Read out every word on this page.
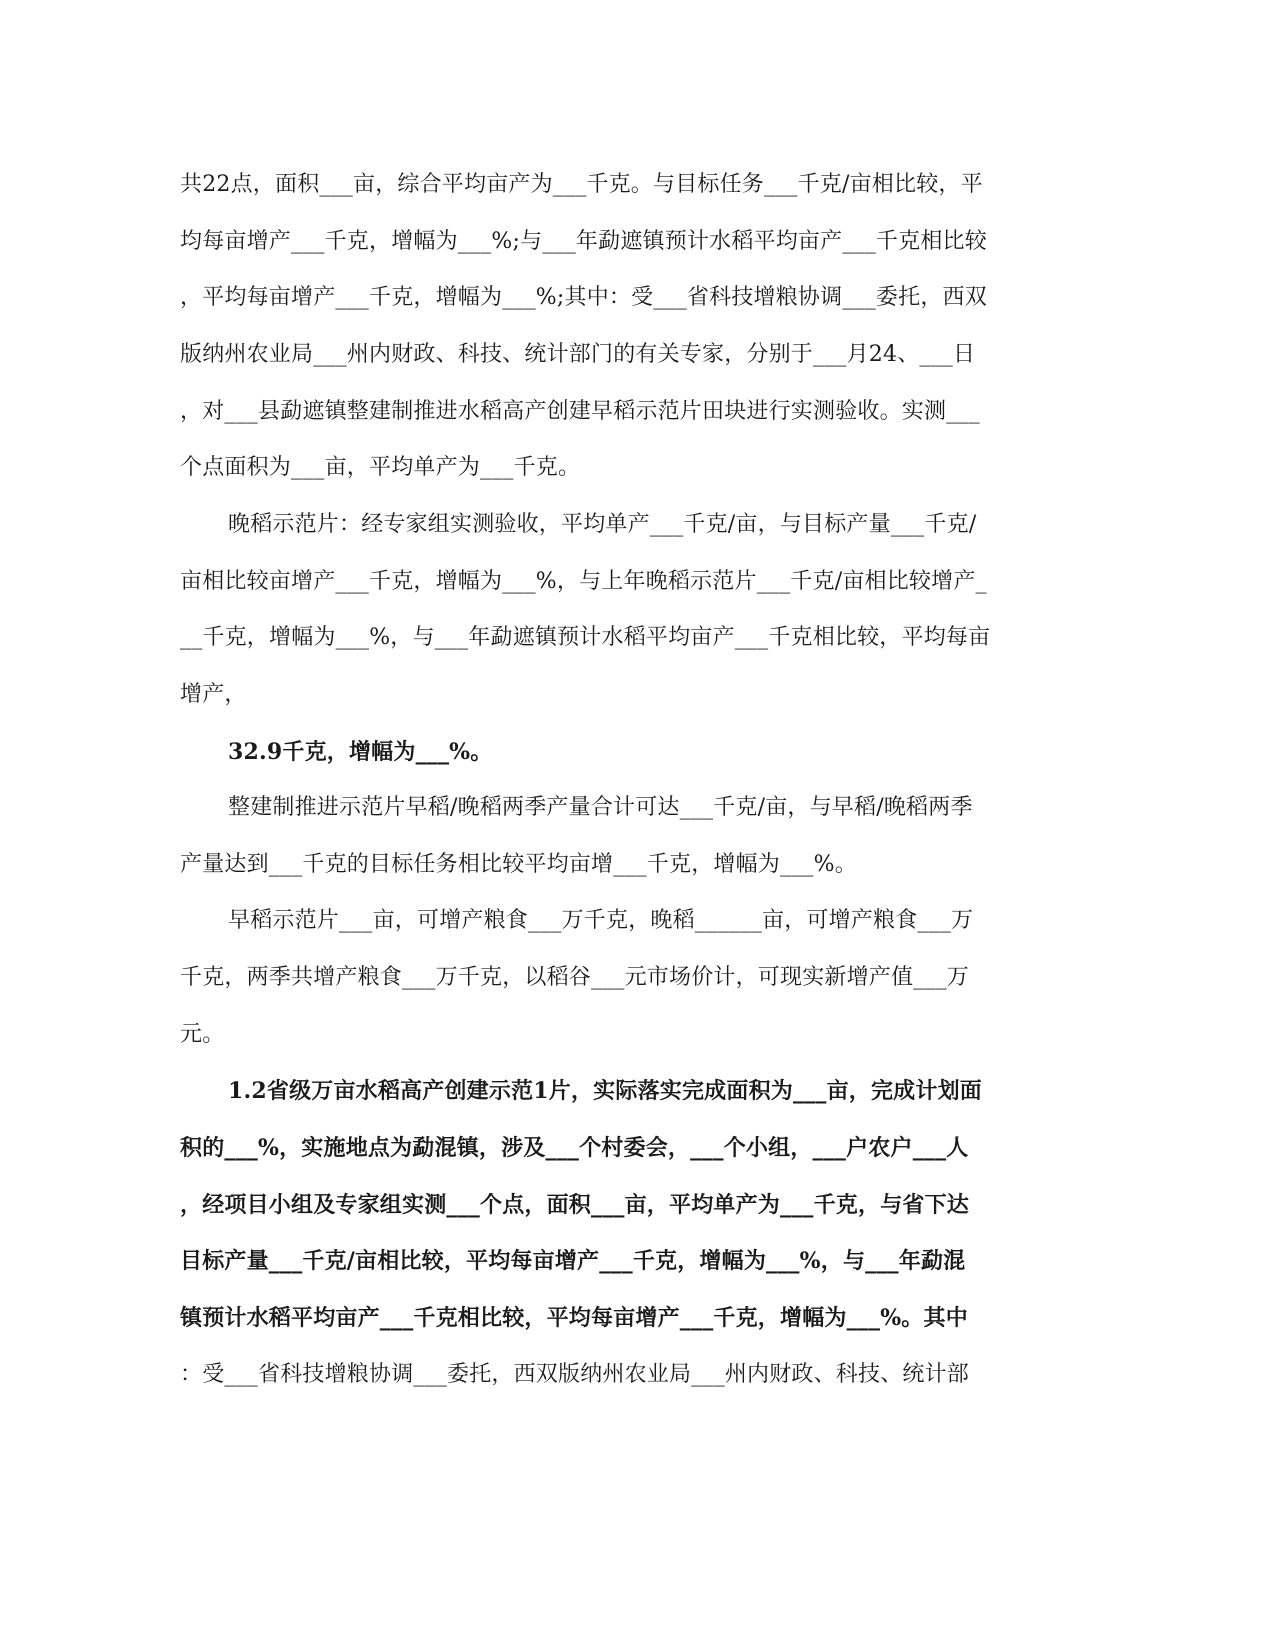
共22点，面积___亩，综合平均亩产为___千克。与目标任务___千克/亩相比较，平
均每亩增产___千克，增幅为___%;与___年勐遮镇预计水稻平均亩产___千克相比较
，平均每亩增产___千克，增幅为___%;其中：受___省科技增粮协调___委托，西双
版纳州农业局___州内财政、科技、统计部门的有关专家，分别于___月24、___日
，对___县勐遮镇整建制推进水稻高产创建早稻示范片田块进行实测验收。实测___
个点面积为___亩，平均单产为___千克。
晚稻示范片：经专家组实测验收，平均单产___千克/亩，与目标产量___千克/
亩相比较亩增产___千克，增幅为___%，与上年晚稻示范片___千克/亩相比较增产_
__千克，增幅为___%，与___年勐遮镇预计水稻平均亩产___千克相比较，平均每亩
增产，
32.9千克，增幅为___%。
整建制推进示范片早稻/晚稻两季产量合计可达___千克/亩，与早稻/晚稻两季
产量达到___千克的目标任务相比较平均亩增___千克，增幅为___%。
早稻示范片___亩，可增产粮食___万千克，晚稻______亩，可增产粮食___万
千克，两季共增产粮食___万千克，以稻谷___元市场价计，可现实新增产值___万
元。
1.2省级万亩水稻高产创建示范1片，实际落实完成面积为___亩，完成计划面
积的___%，实施地点为勐混镇，涉及___个村委会，___个小组，___户农户___人
，经项目小组及专家组实测___个点，面积___亩，平均单产为___千克，与省下达
目标产量___千克/亩相比较，平均每亩增产___千克，增幅为___%，与___年勐混
镇预计水稻平均亩产___千克相比较，平均每亩增产___千克，增幅为___%。其中
：受___省科技增粮协调___委托，西双版纳州农业局___州内财政、科技、统计部
